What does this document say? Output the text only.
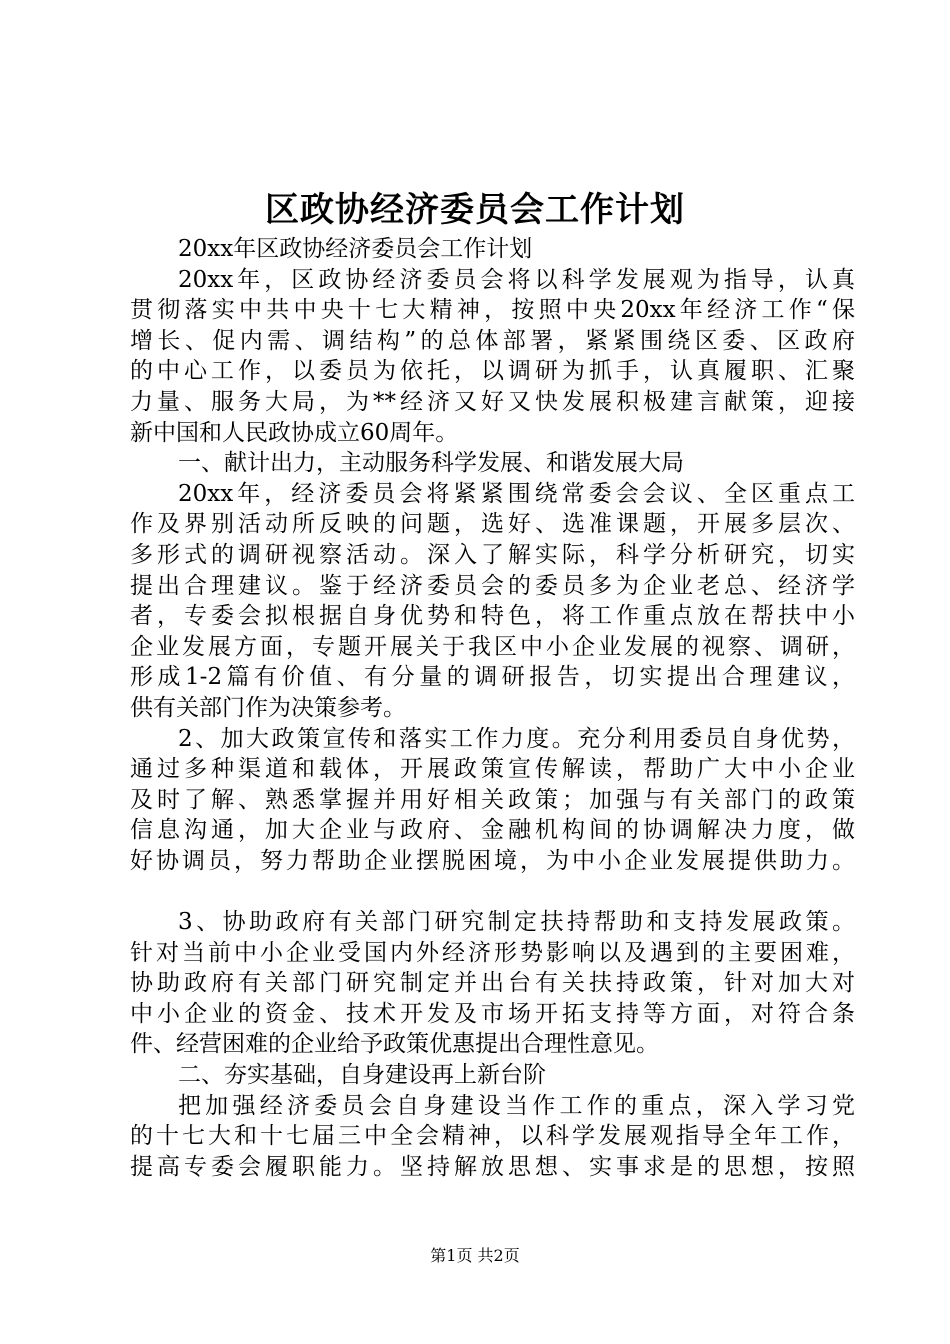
区政协经济委员会工作计划
20xx年区政协经济委员会工作计划
20xx年，区政协经济委员会将以科学发展观为指导，认真
贯彻落实中共中央十七大精神，按照中央20xx年经济工作“保
增长、促内需、调结构”的总体部署，紧紧围绕区委、区政府
的中心工作，以委员为依托，以调研为抓手，认真履职、汇聚
力量、服务大局，为**经济又好又快发展积极建言献策，迎接
新中国和人民政协成立60周年。
一、献计出力，主动服务科学发展、和谐发展大局
20xx年，经济委员会将紧紧围绕常委会会议、全区重点工
作及界别活动所反映的问题，选好、选准课题，开展多层次、
多形式的调研视察活动。深入了解实际，科学分析研究，切实
提出合理建议。鉴于经济委员会的委员多为企业老总、经济学
者，专委会拟根据自身优势和特色，将工作重点放在帮扶中小
企业发展方面，专题开展关于我区中小企业发展的视察、调研，
形成1-2篇有价值、有分量的调研报告，切实提出合理建议，
供有关部门作为决策参考。
2、加大政策宣传和落实工作力度。充分利用委员自身优势，
通过多种渠道和载体，开展政策宣传解读，帮助广大中小企业
及时了解、熟悉掌握并用好相关政策；加强与有关部门的政策
信息沟通，加大企业与政府、金融机构间的协调解决力度，做
好协调员，努力帮助企业摆脱困境，为中小企业发展提供助力。
3、协助政府有关部门研究制定扶持帮助和支持发展政策。
针对当前中小企业受国内外经济形势影响以及遇到的主要困难，
协助政府有关部门研究制定并出台有关扶持政策，针对加大对
中小企业的资金、技术开发及市场开拓支持等方面，对符合条
件、经营困难的企业给予政策优惠提出合理性意见。
二、夯实基础，自身建设再上新台阶
把加强经济委员会自身建设当作工作的重点，深入学习党
的十七大和十七届三中全会精神，以科学发展观指导全年工作，
提高专委会履职能力。坚持解放思想、实事求是的思想，按照
第1页 共2页
